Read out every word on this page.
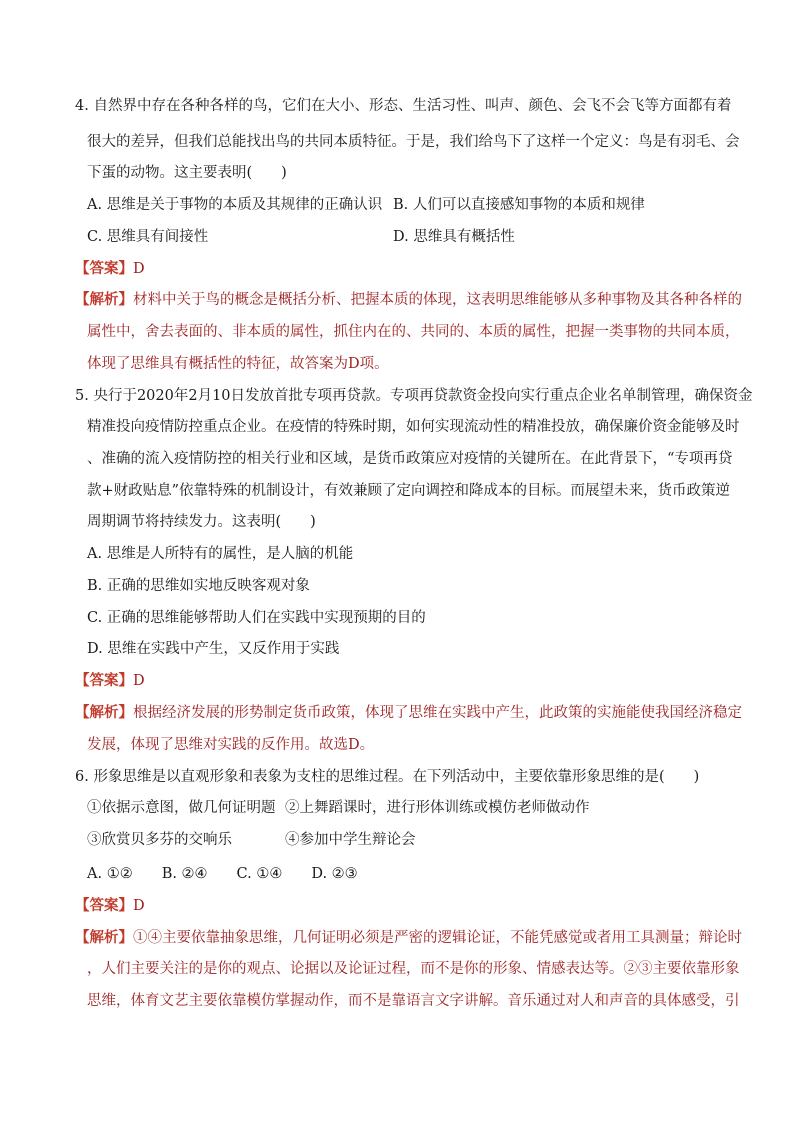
4. 自然界中存在各种各样的鸟，它们在大小、形态、生活习性、叫声、颜色、会飞不会飞等方面都有着
很大的差异，但我们总能找出鸟的共同本质特征。于是，我们给鸟下了这样一个定义：鸟是有羽毛、会
下蛋的动物。这主要表明(　　)
A. 思维是关于事物的本质及其规律的正确认识 B. 人们可以直接感知事物的本质和规律
C. 思维具有间接性	D. 思维具有概括性
【答案】D
【解析】材料中关于鸟的概念是概括分析、把握本质的体现，这表明思维能够从多种事物及其各种各样的
属性中，舍去表面的、非本质的属性，抓住内在的、共同的、本质的属性，把握一类事物的共同本质，
体现了思维具有概括性的特征，故答案为D项。
5. 央行于2020年2月10日发放首批专项再贷款。专项再贷款资金投向实行重点企业名单制管理，确保资金
精准投向疫情防控重点企业。在疫情的特殊时期，如何实现流动性的精准投放，确保廉价资金能够及时
、准确的流入疫情防控的相关行业和区域，是货币政策应对疫情的关键所在。在此背景下，“专项再贷
款+财政贴息”依靠特殊的机制设计，有效兼顾了定向调控和降成本的目标。而展望未来，货币政策逆
周期调节将持续发力。这表明(　　)
A. 思维是人所特有的属性，是人脑的机能
B. 正确的思维如实地反映客观对象
C. 正确的思维能够帮助人们在实践中实现预期的目的
D. 思维在实践中产生，又反作用于实践
【答案】D
【解析】根据经济发展的形势制定货币政策，体现了思维在实践中产生，此政策的实施能使我国经济稳定
发展，体现了思维对实践的反作用。故选D。
6. 形象思维是以直观形象和表象为支柱的思维过程。在下列活动中，主要依靠形象思维的是(　　)
①依据示意图，做几何证明题 ②上舞蹈课时，进行形体训练或模仿老师做动作
③欣赏贝多芬的交响乐	④参加中学生辩论会
A. ①②　　B. ②④　　C. ①④　　D. ②③
【答案】D
【解析】①④主要依靠抽象思维，几何证明必须是严密的逻辑论证，不能凭感觉或者用工具测量；辩论时
，人们主要关注的是你的观点、论据以及论证过程，而不是你的形象、情感表达等。②③主要依靠形象
思维，体育文艺主要依靠模仿掌握动作，而不是靠语言文字讲解。音乐通过对人和声音的具体感受，引
